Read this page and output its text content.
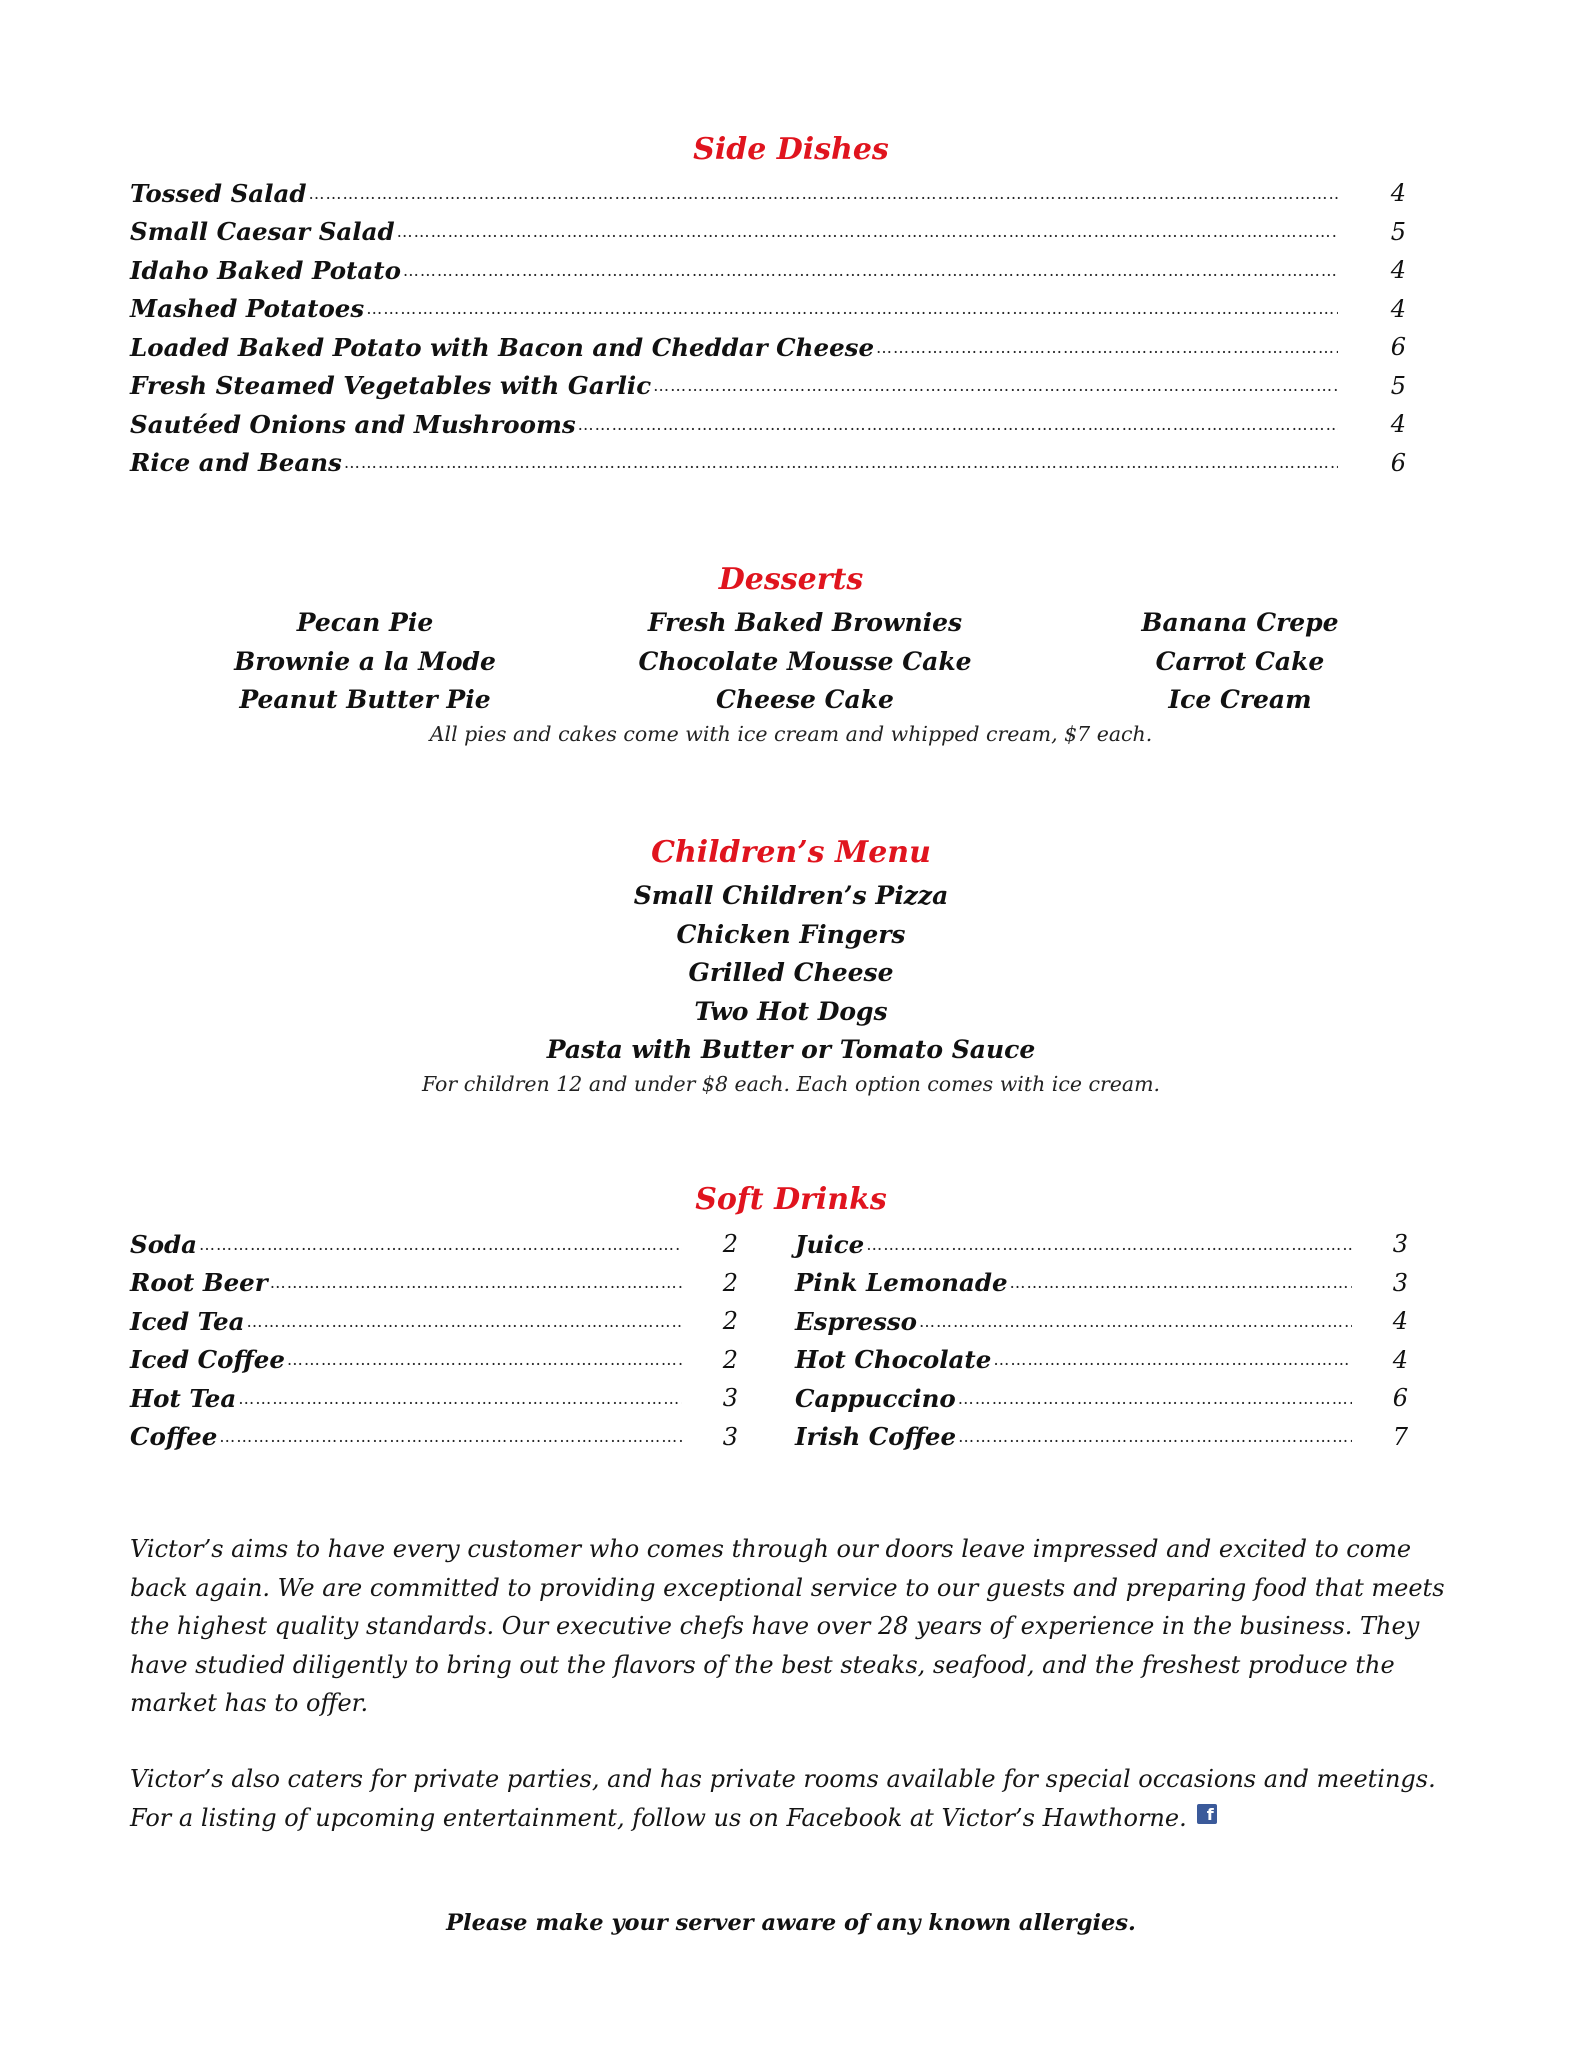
Side Dishes
Tossed Salad ……………………………………………………………………………………………………………………………………………………………………………………………………………………………………………………………	4
Small Caesar Salad ……………………………………………………………………………………………………………………………………………………………………………………………………………………………………………………………	5
Idaho Baked Potato ……………………………………………………………………………………………………………………………………………………………………………………………………………………………………………………………	4
Mashed Potatoes ……………………………………………………………………………………………………………………………………………………………………………………………………………………………………………………………	4
Loaded Baked Potato with Bacon and Cheddar Cheese ……………………………………………………………………………………………………………………………………………………………………………………………………………………………………………………………	6
Fresh Steamed Vegetables with Garlic ……………………………………………………………………………………………………………………………………………………………………………………………………………………………………………………………	5
Sautéed Onions and Mushrooms ……………………………………………………………………………………………………………………………………………………………………………………………………………………………………………………………	4
Rice and Beans ……………………………………………………………………………………………………………………………………………………………………………………………………………………………………………………………	6
Desserts
Pecan Pie
Brownie a la Mode
Peanut Butter Pie
Fresh Baked Brownies
Chocolate Mousse Cake
Cheese Cake
Banana Crepe
Carrot Cake
Ice Cream
All pies and cakes come with ice cream and whipped cream, $7 each.
Children’s Menu
Small Children’s Pizza
Chicken Fingers
Grilled Cheese
Two Hot Dogs
Pasta with Butter or Tomato Sauce
For children 12 and under $8 each. Each option comes with ice cream.
Soft Drinks
Soda ……………………………………………………………………………………………………………………………………………………………………………………………………………………………………………………………	2
Root Beer ……………………………………………………………………………………………………………………………………………………………………………………………………………………………………………………………	2
Iced Tea ……………………………………………………………………………………………………………………………………………………………………………………………………………………………………………………………	2
Iced Coffee ……………………………………………………………………………………………………………………………………………………………………………………………………………………………………………………………	2
Hot Tea ……………………………………………………………………………………………………………………………………………………………………………………………………………………………………………………………	3
Coffee ……………………………………………………………………………………………………………………………………………………………………………………………………………………………………………………………	3
Juice ……………………………………………………………………………………………………………………………………………………………………………………………………………………………………………………………	3
Pink Lemonade ……………………………………………………………………………………………………………………………………………………………………………………………………………………………………………………………	3
Espresso ……………………………………………………………………………………………………………………………………………………………………………………………………………………………………………………………	4
Hot Chocolate ……………………………………………………………………………………………………………………………………………………………………………………………………………………………………………………………	4
Cappuccino ……………………………………………………………………………………………………………………………………………………………………………………………………………………………………………………………	6
Irish Coffee ……………………………………………………………………………………………………………………………………………………………………………………………………………………………………………………………	7
Victor’s aims to have every customer who comes through our doors leave impressed and excited to come back again. We are committed to providing exceptional service to our guests and preparing food that meets the highest quality standards. Our executive chefs have over 28 years of experience in the business. They have studied diligently to bring out the flavors of the best steaks, seafood, and the freshest produce the market has to offer.
Victor’s also caters for private parties, and has private rooms available for special occasions and meetings. For a listing of upcoming entertainment, follow us on Facebook at Victor’s Hawthorne. f
Please make your server aware of any known allergies.
